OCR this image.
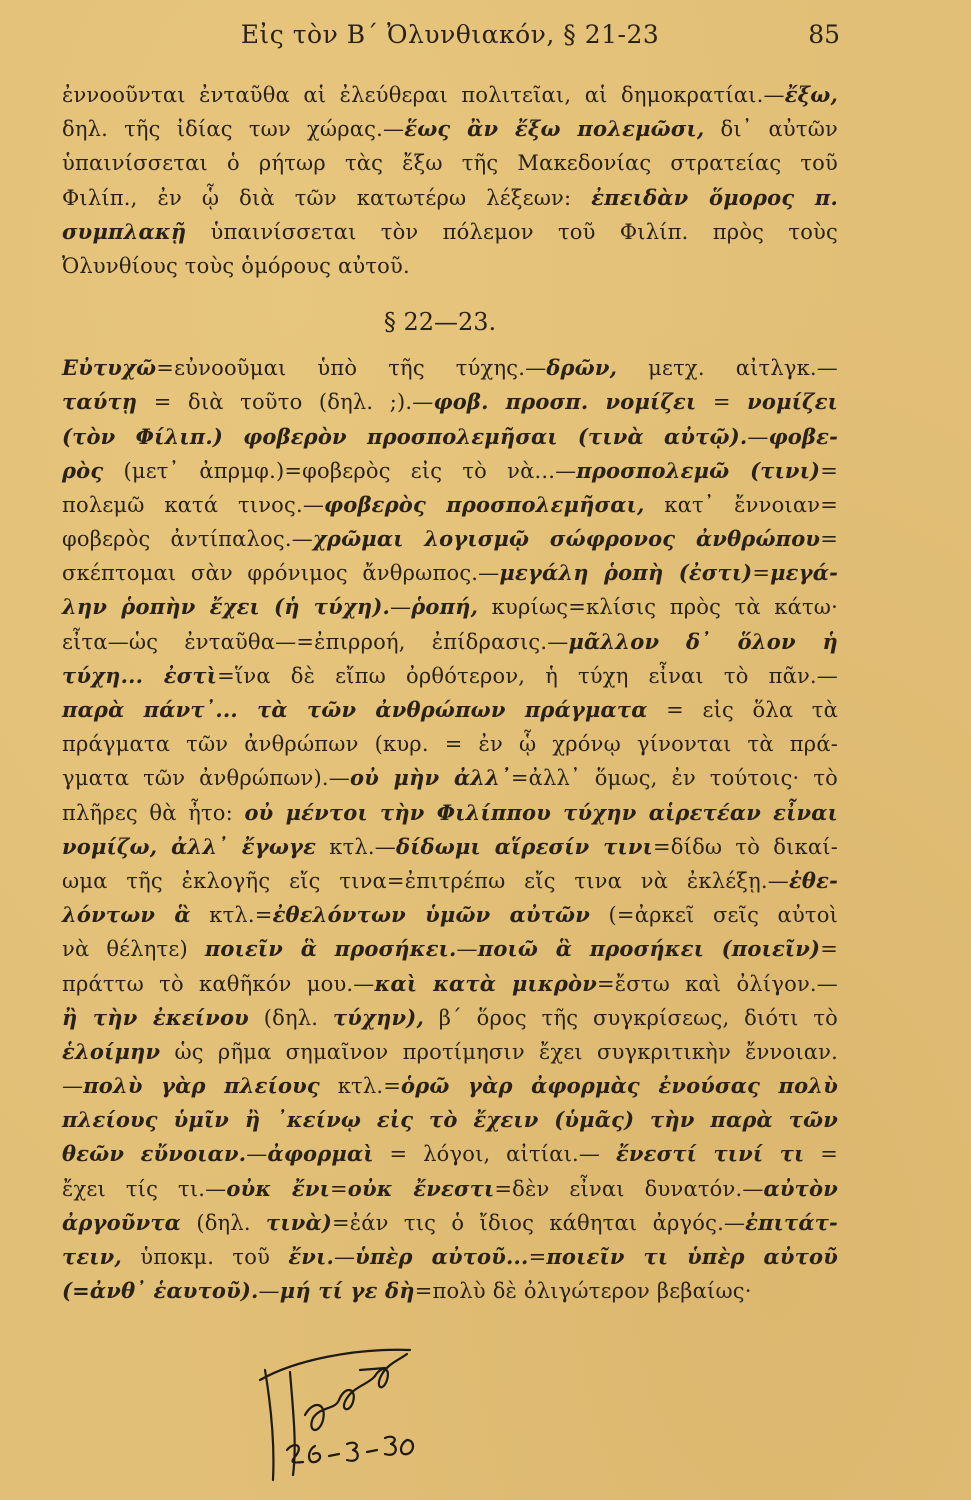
Εἰς τὸν Β΄ Ὀλυνθιακόν, § 21-23	85
ἐννοοῦνται ἐνταῦθα αἱ ἐλεύθεραι πολιτεῖαι, αἱ δημοκρατίαι.—ἔξω,
δηλ. τῆς ἰδίας των χώρας.—ἕως ἂν ἔξω πολεμῶσι, δι᾽ αὐτῶν
ὑπαινίσσεται ὁ ρήτωρ τὰς ἔξω τῆς Μακεδονίας στρατείας τοῦ
Φιλίπ., ἐν ᾧ διὰ τῶν κατωτέρω λέξεων: ἐπειδὰν ὅμορος π.
συμπλακῇ ὑπαινίσσεται τὸν πόλεμον τοῦ Φιλίπ. πρὸς τοὺς
Ὀλυνθίους τοὺς ὁμόρους αὐτοῦ.
§ 22—23.
Εὐτυχῶ=εὐνοοῦμαι ὑπὸ τῆς τύχης.—δρῶν, μετχ. αἰτλγκ.—
ταύτῃ = διὰ τοῦτο (δηλ. ;).—φοβ. προσπ. νομίζει = νομίζει
(τὸν Φίλιπ.) φοβερὸν προσπολεμῆσαι (τινὰ αὐτῷ).—φοβε-
ρὸς (μετ᾽ ἀπρμφ.)=φοβερὸς εἰς τὸ νὰ...—προσπολεμῶ (τινι)=
πολεμῶ κατά τινος.—φοβερὸς προσπολεμῆσαι, κατ᾽ ἔννοιαν=
φοβερὸς ἀντίπαλος.—χρῶμαι λογισμῷ σώφρονος ἀνθρώπου=
σκέπτομαι σὰν φρόνιμος ἄνθρωπος.—μεγάλη ῥοπὴ (ἐστι)=μεγά-
λην ῥοπὴν ἔχει (ἡ τύχη).—ῥοπή, κυρίως=κλίσις πρὸς τὰ κάτω·
εἶτα—ὡς ἐνταῦθα—=ἐπιρροή, ἐπίδρασις.—μᾶλλον δ᾽ ὅλον ἡ
τύχη... ἐστὶ=ἵνα δὲ εἴπω ὀρθότερον, ἡ τύχη εἶναι τὸ πᾶν.—
παρὰ πάντ᾽... τὰ τῶν ἀνθρώπων πράγματα = εἰς ὅλα τὰ
πράγματα τῶν ἀνθρώπων (κυρ. = ἐν ᾧ χρόνῳ γίνονται τὰ πρά-
γματα τῶν ἀνθρώπων).—οὐ μὴν ἀλλ᾽=ἀλλ᾽ ὅμως, ἐν τούτοις· τὸ
πλῆρες θὰ ἦτο: οὐ μέντοι τὴν Φιλίππου τύχην αἱρετέαν εἶναι
νομίζω, ἀλλ᾽ ἔγωγε κτλ.—δίδωμι αἵρεσίν τινι=δίδω τὸ δικαί-
ωμα τῆς ἐκλογῆς εἴς τινα=ἐπιτρέπω εἴς τινα νὰ ἐκλέξῃ.—ἐθε-
λόντων ἃ κτλ.=ἐθελόντων ὑμῶν αὐτῶν (=ἀρκεῖ σεῖς αὐτοὶ
νὰ θέλητε) ποιεῖν ἃ προσήκει.—ποιῶ ἃ προσήκει (ποιεῖν)=
πράττω τὸ καθῆκόν μου.—καὶ κατὰ μικρὸν=ἔστω καὶ ὀλίγον.—
ἢ τὴν ἐκείνου (δηλ. τύχην), β΄ ὅρος τῆς συγκρίσεως, διότι τὸ
ἑλοίμην ὡς ρῆμα σημαῖνον προτίμησιν ἔχει συγκριτικὴν ἔννοιαν.
—πολὺ γὰρ πλείους κτλ.=ὁρῶ γὰρ ἀφορμὰς ἐνούσας πολὺ
πλείους ὑμῖν ἢ ᾽κείνῳ εἰς τὸ ἔχειν (ὑμᾶς) τὴν παρὰ τῶν
θεῶν εὔνοιαν.—ἀφορμαὶ = λόγοι, αἰτίαι.— ἔνεστί τινί τι =
ἔχει τίς τι.—οὐκ ἔνι=οὐκ ἔνεστι=δὲν εἶναι δυνατόν.—αὐτὸν
ἀργοῦντα (δηλ. τινὰ)=ἐάν τις ὁ ἴδιος κάθηται ἀργός.—ἐπιτάτ-
τειν, ὑποκμ. τοῦ ἔνι.—ὑπὲρ αὐτοῦ...=ποιεῖν τι ὑπὲρ αὐτοῦ
(=ἀνθ᾽ ἑαυτοῦ).—μή τί γε δὴ=πολὺ δὲ ὀλιγώτερον βεβαίως·
